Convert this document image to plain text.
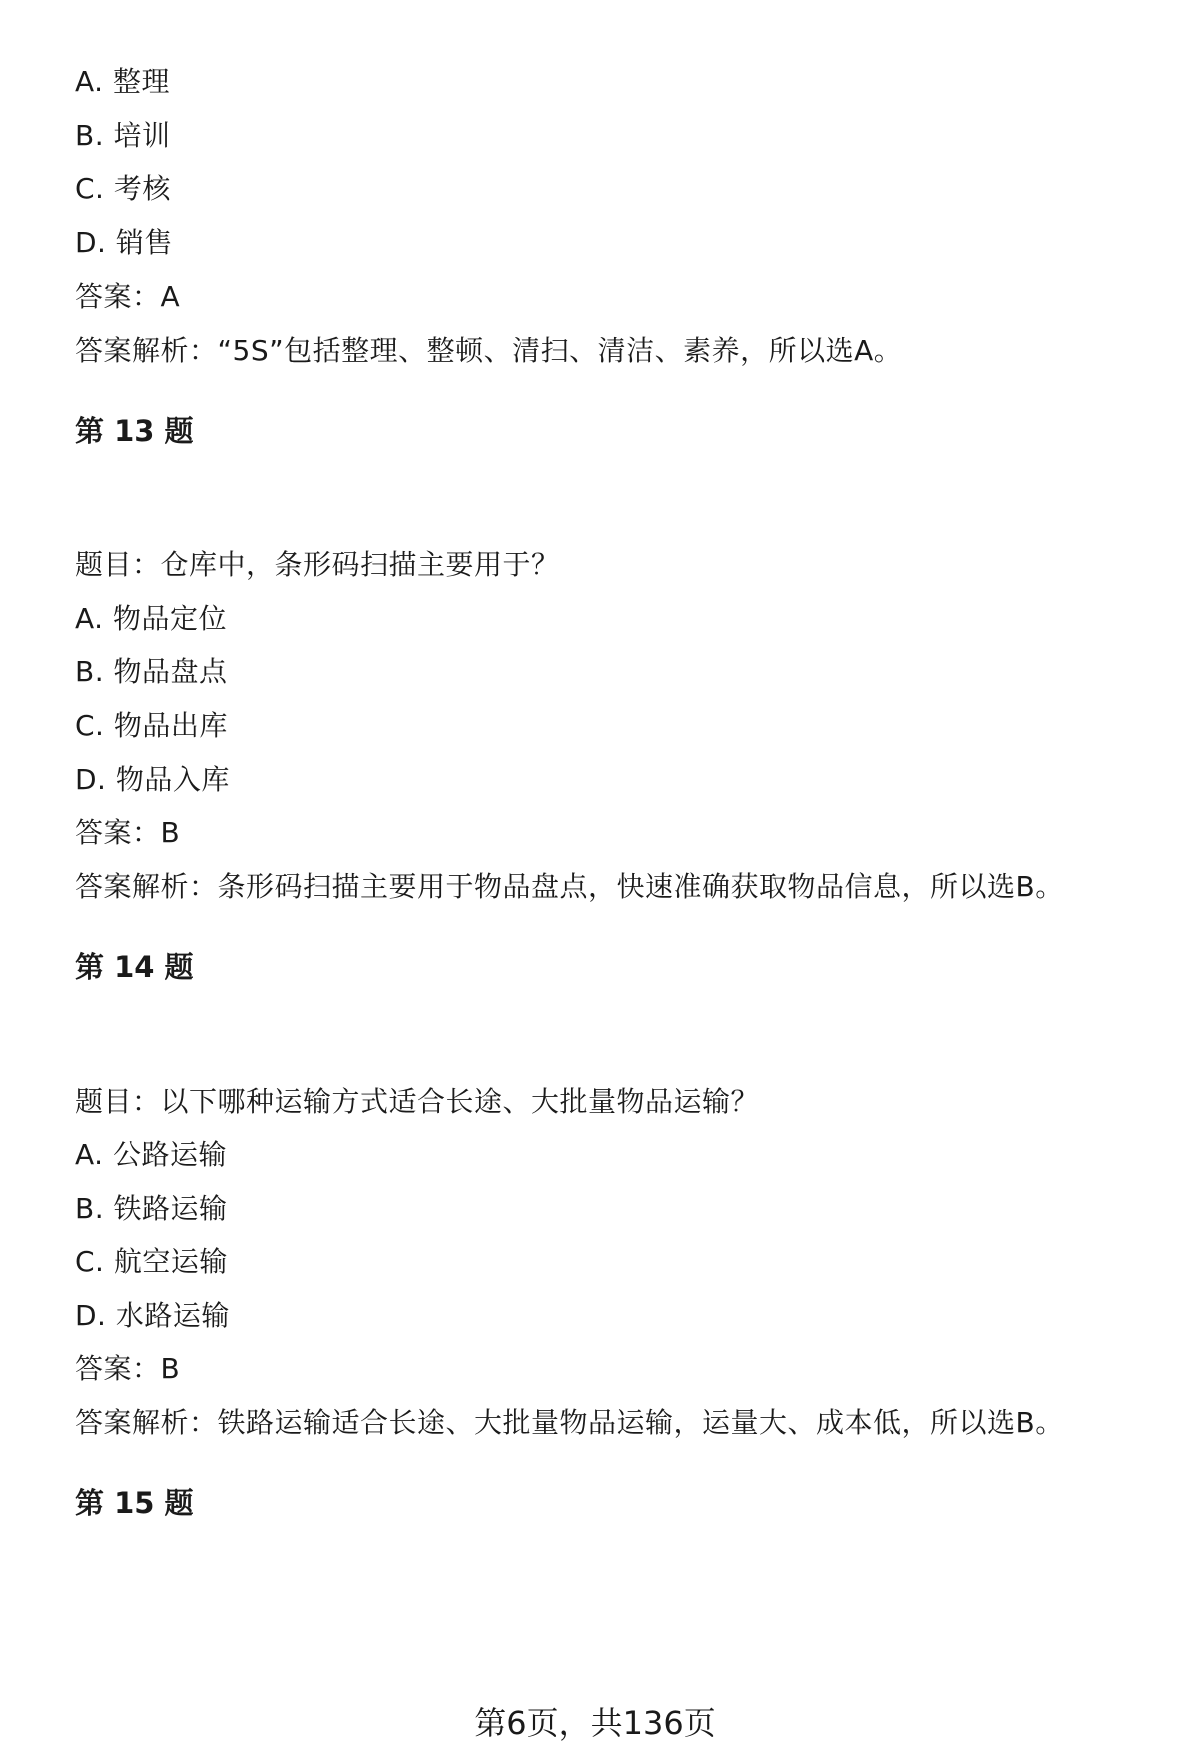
A. 整理
B. 培训
C. 考核
D. 销售
答案：A
答案解析：“5S”包括整理、整顿、清扫、清洁、素养，所以选A。
第 13 题
题目：仓库中，条形码扫描主要用于？
A. 物品定位
B. 物品盘点
C. 物品出库
D. 物品入库
答案：B
答案解析：条形码扫描主要用于物品盘点，快速准确获取物品信息，所以选B。
第 14 题
题目：以下哪种运输方式适合长途、大批量物品运输？
A. 公路运输
B. 铁路运输
C. 航空运输
D. 水路运输
答案：B
答案解析：铁路运输适合长途、大批量物品运输，运量大、成本低，所以选B。
第 15 题
第6页，共136页
